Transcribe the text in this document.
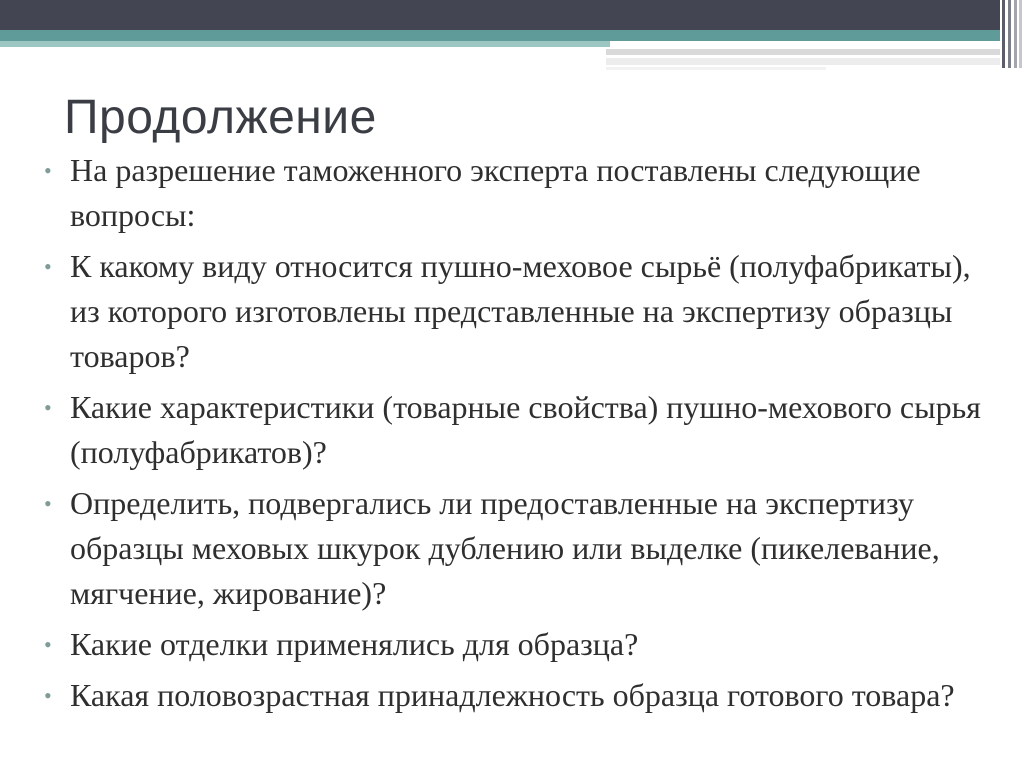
Продолжение
• На разрешение таможенного эксперта поставлены следующие вопросы:
• К какому виду относится пушно-меховое сырьё (полуфабрикаты), из которого изготовлены представленные на экспертизу образцы товаров?
• Какие характеристики (товарные свойства) пушно-мехового сырья (полуфабрикатов)?
• Определить, подвергались ли предоставленные на экспертизу образцы меховых шкурок дублению или выделке (пикелевание, мягчение, жирование)?
• Какие отделки применялись для образца?
• Какая половозрастная принадлежность образца готового товара?
